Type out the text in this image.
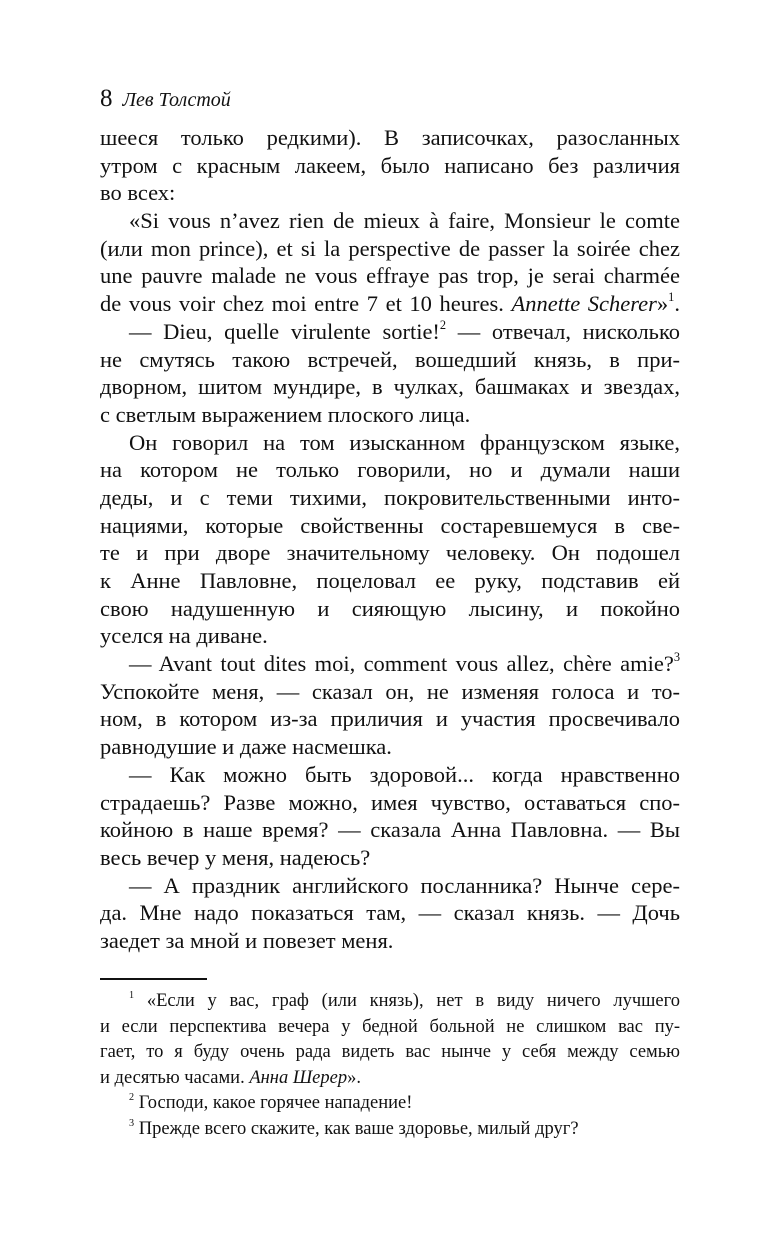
8 Лев Толстой
шееся только редкими). В записочках, разосланных
утром с красным лакеем, было написано без различия
во всех:
«Si vous n’avez rien de mieux à faire, Monsieur le comte
(или mon prince), et si la perspective de passer la soirée chez
une pauvre malade ne vous effraye pas trop, je serai charmée
de vous voir chez moi entre 7 et 10 heures. Annette Scherer»$^1$.
— Dieu, quelle virulente sortie!$^2$ — отвечал, нисколько
не смутясь такою встречей, вошедший князь, в при-
дворном, шитом мундире, в чулках, башмаках и звездах,
с светлым выражением плоского лица.
Он говорил на том изысканном французском языке,
на котором не только говорили, но и думали наши
деды, и с теми тихими, покровительственными инто-
нациями, которые свойственны состаревшемуся в све-
те и при дворе значительному человеку. Он подошел
к Анне Павловне, поцеловал ее руку, подставив ей
свою надушенную и сияющую лысину, и покойно
уселся на диване.
— Avant tout dites moi, comment vous allez, chère amie?$^3$
Успокойте меня, — сказал он, не изменяя голоса и то-
ном, в котором из-за приличия и участия просвечивало
равнодушие и даже насмешка.
— Как можно быть здоровой... когда нравственно
страдаешь? Разве можно, имея чувство, оставаться спо-
койною в наше время? — сказала Анна Павловна. — Вы
весь вечер у меня, надеюсь?
— А праздник английского посланника? Нынче сере-
да. Мне надо показаться там, — сказал князь. — Дочь
заедет за мной и повезет меня.
$^1$ «Если у вас, граф (или князь), нет в виду ничего лучшего
и если перспектива вечера у бедной больной не слишком вас пу-
гает, то я буду очень рада видеть вас нынче у себя между семью
и десятью часами. Анна Шерер».
$^2$ Господи, какое горячее нападение!
$^3$ Прежде всего скажите, как ваше здоровье, милый друг?
